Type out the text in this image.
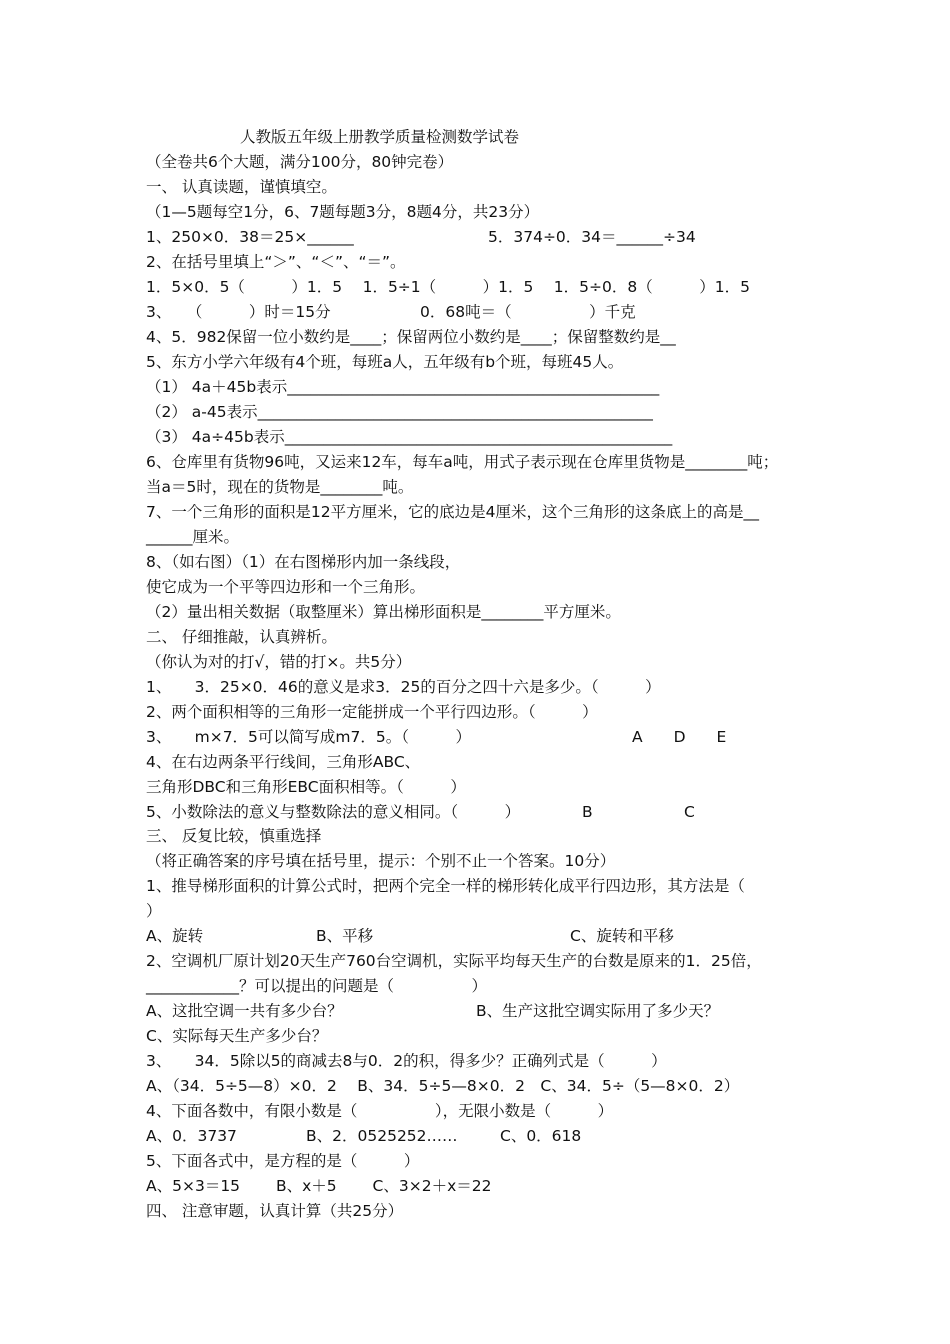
人教版五年级上册教学质量检测数学试卷
（全卷共6个大题，满分100分，80钟完卷）
一、 认真读题，谨慎填空。
（1—5题每空1分，6、7题每题3分，8题4分，共23分）
1、250×0．38＝25×______	5．374÷0．34＝______÷34
2、在括号里填上“＞”、“＜”、“＝”。
1．5×0．5（　　　）1．5　 1．5÷1（　　　）1．5　 1．5÷0．8（　　　）1．5
3、　　（　　　）时＝15分	0．68吨＝（　　　　　）千克
4、5．982保留一位小数约是____；保留两位小数约是____；保留整数约是__
5、东方小学六年级有4个班，每班a人，五年级有b个班，每班45人。
（1） 4a＋45b表示________________________________________________
（2） a-45表示___________________________________________________
（3） 4a÷45b表示__________________________________________________
6、仓库里有货物96吨，又运来12车，每车a吨，用式子表示现在仓库里货物是________吨；
当a＝5时，现在的货物是________吨。
7、一个三角形的面积是12平方厘米，它的底边是4厘米，这个三角形的这条底上的高是__
______厘米。
8、（如右图）（1）在右图梯形内加一条线段，
使它成为一个平等四边形和一个三角形。
（2）量出相关数据（取整厘米）算出梯形面积是________平方厘米。
二、 仔细推敲，认真辨析。
（你认为对的打√，错的打×。共5分）
1、　　3．25×0．46的意义是求3．25的百分之四十六是多少。（　　　）
2、两个面积相等的三角形一定能拼成一个平行四边形。（　　　）
3、　　m×7．5可以简写成m7．5。（　　　）	A　　D　　E
4、在右边两条平行线间，三角形ABC、
三角形DBC和三角形EBC面积相等。（　　　）
5、小数除法的意义与整数除法的意义相同。（　　　）	B	C
三、 反复比较，慎重选择
（将正确答案的序号填在括号里，提示：个别不止一个答案。10分）
1、推导梯形面积的计算公式时，把两个完全一样的梯形转化成平行四边形，其方法是（
）
A、旋转	B、平移	C、旋转和平移
2、空调机厂原计划20天生产760台空调机，实际平均每天生产的台数是原来的1．25倍，
____________？可以提出的问题是（　　　　　）
A、这批空调一共有多少台？	B、生产这批空调实际用了多少天？
C、实际每天生产多少台？
3、　　34．5除以5的商减去8与0．2的积，得多少？正确列式是（　　　）
A、（34．5÷5—8）×0．2　 B、34．5÷5—8×0．2　C、34．5÷（5—8×0．2）
4、下面各数中，有限小数是（　　　　　），无限小数是（　　　）
A、0．3737	B、2．0525252……	C、0．618
5、下面各式中，是方程的是（　　　）
A、5×3＝15　　 B、x＋5　　 C、3×2＋x＝22
四、 注意审题，认真计算（共25分）
